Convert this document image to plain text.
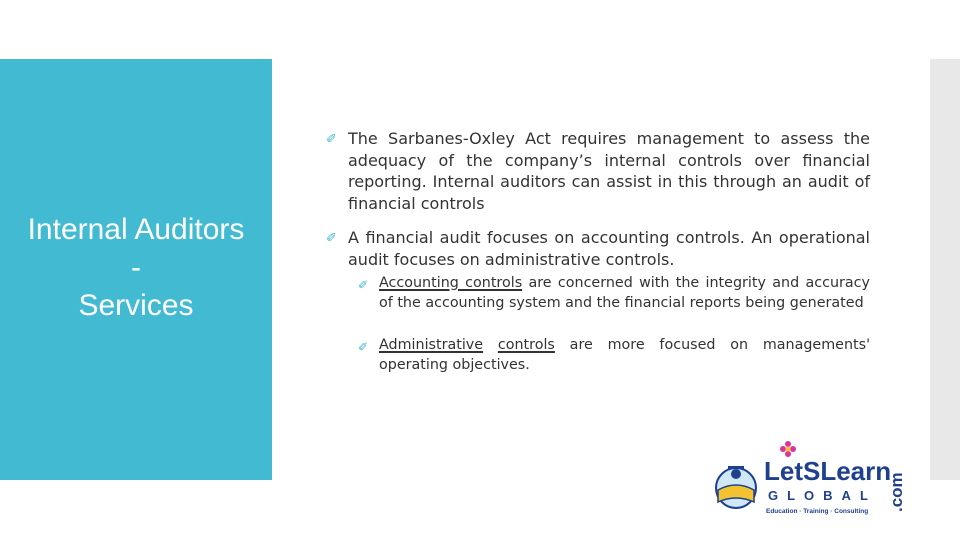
Internal Auditors
-
Services
✐ The Sarbanes-Oxley Act requires management to assess the adequacy of the company’s internal controls over financial reporting. Internal auditors can assist in this through an audit of financial controls
✐ A financial audit focuses on accounting controls. An operational audit focuses on administrative controls.
✐ Accounting controls are concerned with the integrity and accuracy of the accounting system and the financial reports being generated
✐ Administrative controls are more focused on managements' operating objectives.
LetSLearn
GLOBAL
Education · Training · Consulting .com
